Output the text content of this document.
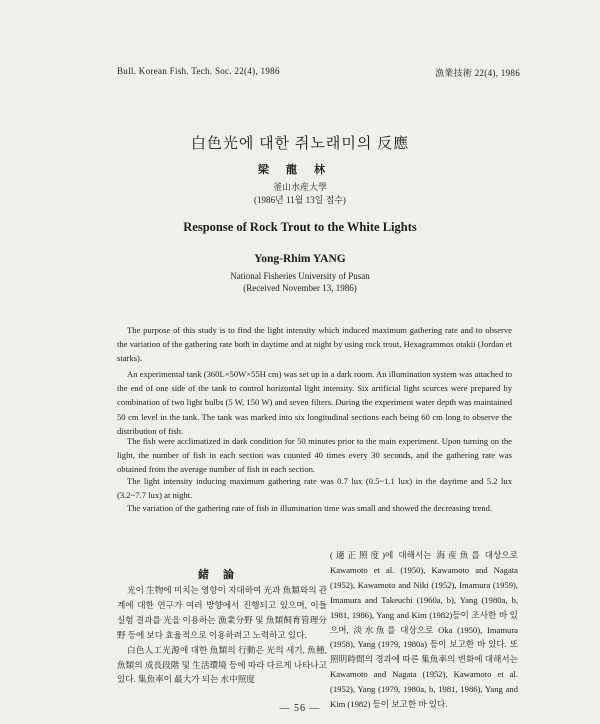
Bull. Korean Fish. Tech. Soc. 22(4), 1986	漁業技術 22(4), 1986
白色光에 대한 쥐노래미의 反應
梁龍林
釜山水産大學
(1986년 11월 13일 접수)
Response of Rock Trout to the White Lights
Yong-Rhim YANG
National Fisheries University of Pusan
(Received November 13, 1986)

The purpose of this study is to find the light intensity which induced maximum gathering rate and to observe the variation of the gathering rate both in daytime and at night by using rock trout, Hexagrammos otakii (Jordan et starks).

An experimental tank (360L×50W×55H cm) was set up in a dark room. An illumination system was attached to the end of one side of the tank to control horizontal light intensity. Six artificial light scurces were prepared by combination of two light bulbs (5 W, 150 W) and seven filters. During the experiment water depth was maintained 50 cm level in the tank. The tank was marked into six longitudinal sections each being 60 cm long to observe the distribution of fish.

The fish were acclimatized in dark condition for 50 minutes prior to the main experiment. Upon turning on the light, the number of fish in each section was counted 40 times every 30 seconds, and the gathering rate was obtained from the average number of fish in each section.

The light intensity inducing maximum gathering rate was 0.7 lux (0.5~1.1 lux) in the daytime and 5.2 lux (3.2~7.7 lux) at night.

The variation of the gathering rate of fish in illumination time was small and showed the decreasing trend.

緒論

光이 生物에 미치는 영향이 지대하여 光과 魚類와의 관계에 대한 연구가 여러 방향에서 진행되고 있으며, 이들 실험 결과를 光을 이용하는 漁業分野 및 魚類飼育管理分野 등에 보다 효율적으로 이용하려고 노력하고 있다.

白色人工光源에 대한 魚類의 行動은 光의 세기, 魚種, 魚類의 成長段階 및 生活環境 등에 따라 다르게 나타나고 있다. 集魚率이 最大가 되는 水中照度

(適正照度)에 대해서는 海産魚를 대상으로 Kawamoto et al. (1950), Kawamoto and Nagata (1952), Kawamoto and Niki (1952), Imamura (1959), Imamura and Takeuchi (1960a, b), Yang (1980a, b, 1981, 1986), Yang and Kim (1982)등이 조사한 바 있으며, 淡水魚를 대상으로 Oka (1950), Imamura (1958), Yang (1979, 1980a) 등이 보고한 바 있다. 또 照明時間의 경과에 따른 集魚率의 변화에 대해서는 Kawamoto and Nagata (1952), Kawamoto et al. (1952), Yang (1979, 1980a, b, 1981, 1986), Yang and Kim (1982) 등이 보고한 바 있다.

— 56 —
